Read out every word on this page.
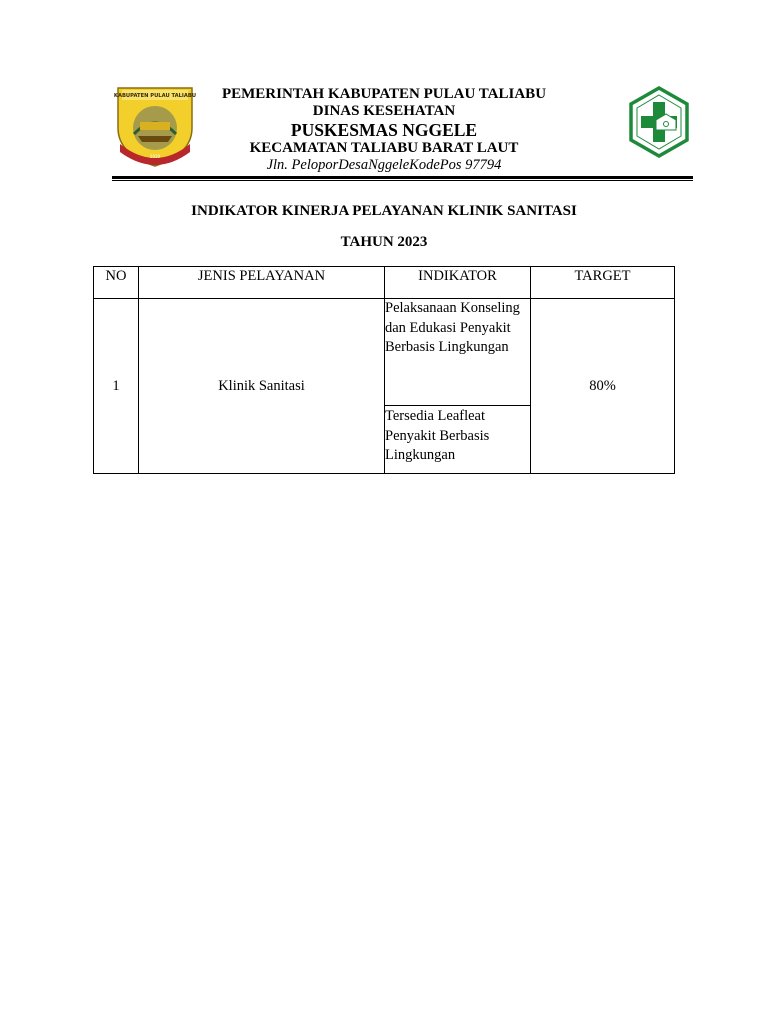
KABUPATEN PULAU TALIABU
2019
PEMERINTAH KABUPATEN PULAU TALIABU
DINAS KESEHATAN
PUSKESMAS NGGELE
KECAMATAN TALIABU BARAT LAUT
Jln. PeloporDesaNggeleKodePos 97794
INDIKATOR KINERJA PELAYANAN KLINIK SANITASI
TAHUN 2023
NO	JENIS PELAYANAN	INDIKATOR	TARGET

1	Klinik Sanitasi	Pelaksanaan Konseling dan Edukasi Penyakit Berbasis Lingkungan	80%
		Tersedia Leafleat Penyakit Berbasis Lingkungan	
